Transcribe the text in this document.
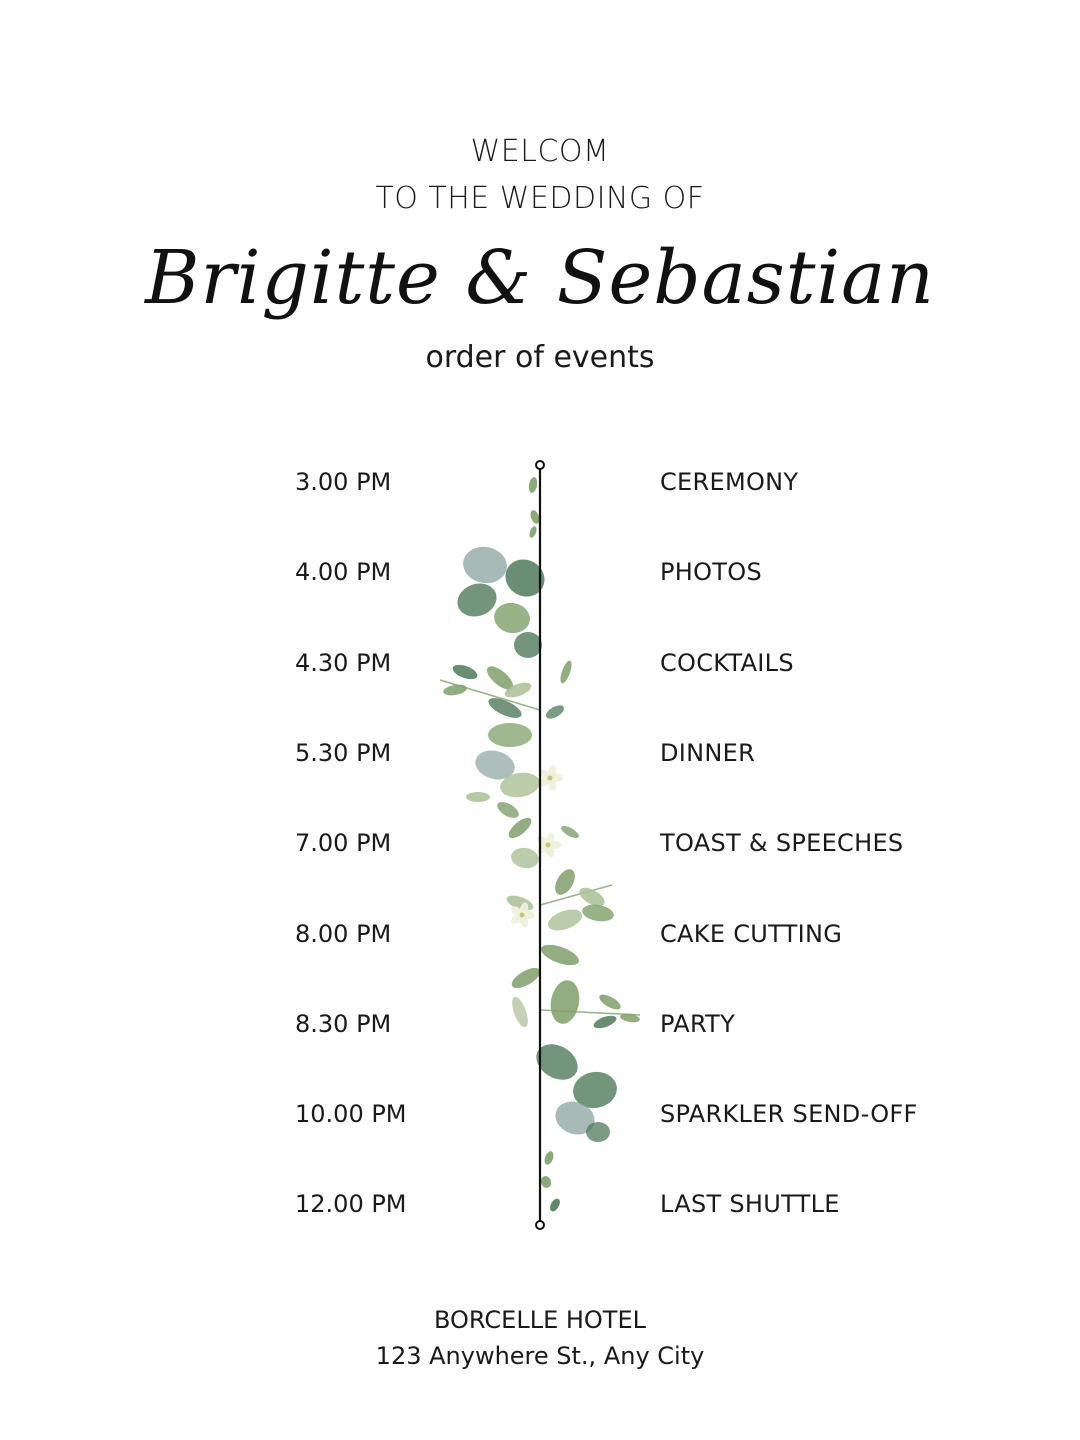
WELCOM
TO THE WEDDING OF
Brigitte & Sebastian
order of events
3.00 PM	CEREMONY
4.00 PM	PHOTOS
4.30 PM	COCKTAILS
5.30 PM	DINNER
7.00 PM	TOAST & SPEECHES
8.00 PM	CAKE CUTTING
8.30 PM	PARTY
10.00 PM	SPARKLER SEND-OFF
12.00 PM	LAST SHUTTLE
BORCELLE HOTEL
123 Anywhere St., Any City
